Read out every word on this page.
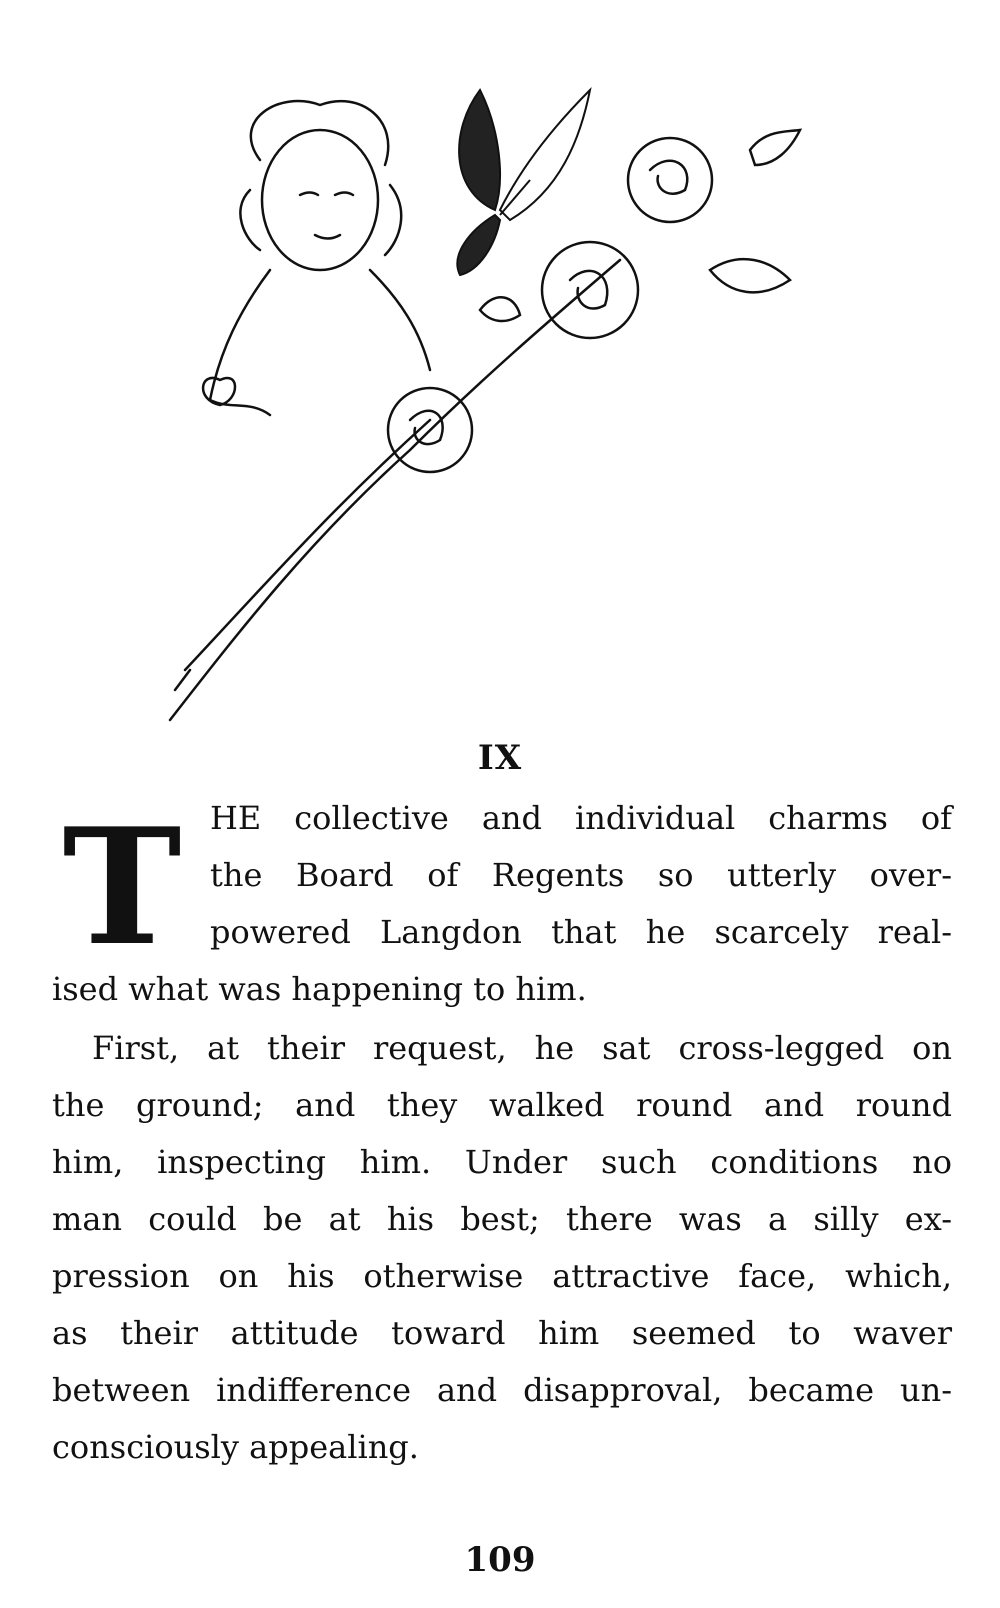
IX
T HE collective and individual charms of
the Board of Regents so utterly over-
powered Langdon that he scarcely real-
ised what was happening to him.
First, at their request, he sat cross-legged on
the ground; and they walked round and round
him, inspecting him. Under such conditions no
man could be at his best; there was a silly ex-
pression on his otherwise attractive face, which,
as their attitude toward him seemed to waver
between indifference and disapproval, became un-
consciously appealing.
109
